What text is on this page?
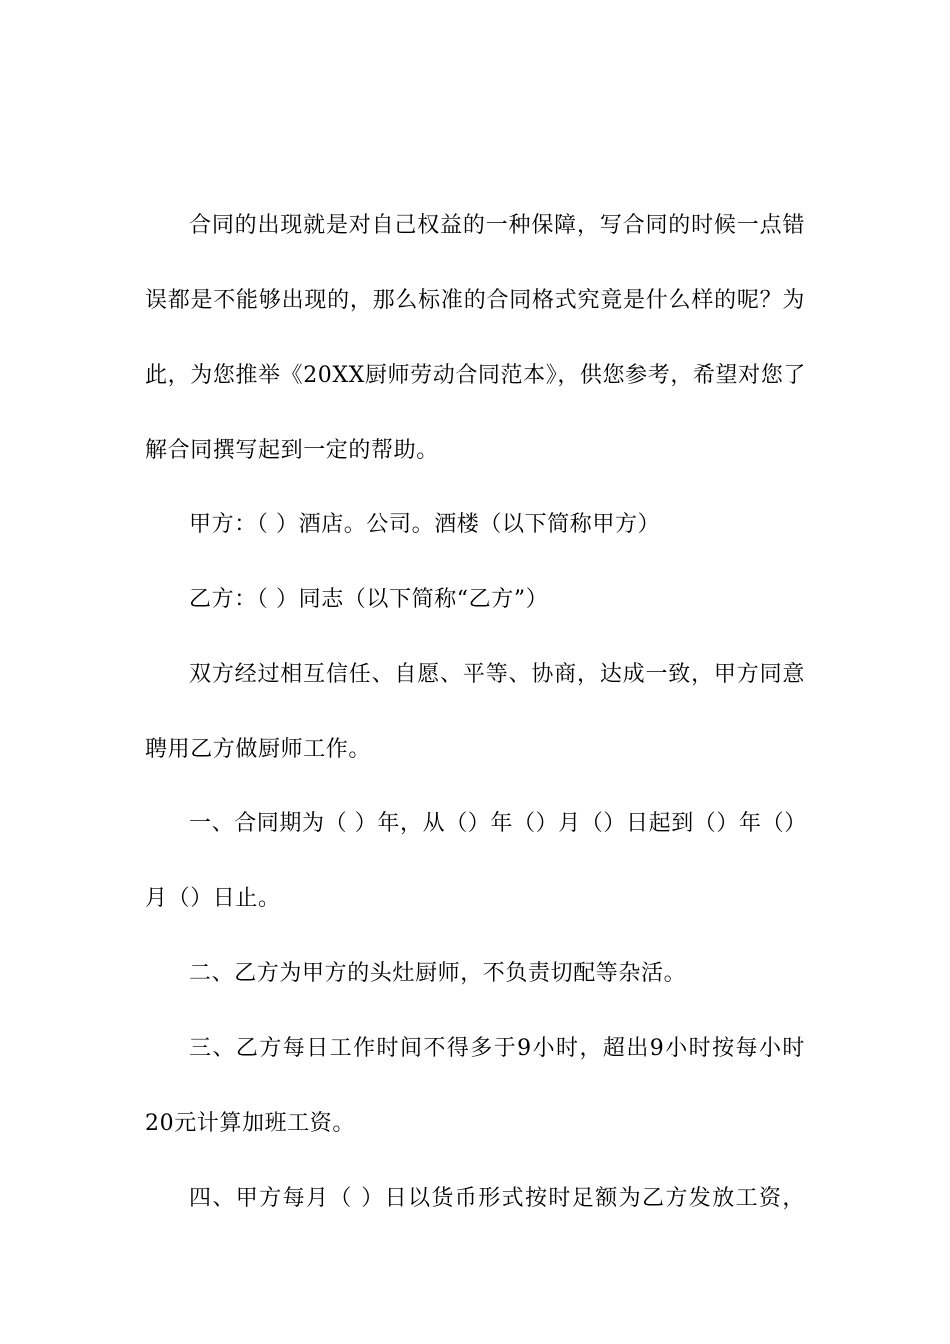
合同的出现就是对自己权益的一种保障，写合同的时候一点错
误都是不能够出现的，那么标准的合同格式究竟是什么样的呢？为
此，为您推举《20XX厨师劳动合同范本》，供您参考，希望对您了
解合同撰写起到一定的帮助。
甲方：（ ）酒店。公司。酒楼（以下简称甲方）
乙方：（ ）同志（以下简称“乙方”）
双方经过相互信任、自愿、平等、协商，达成一致，甲方同意
聘用乙方做厨师工作。
一、合同期为（ ）年，从（）年（）月（）日起到（）年（）
月（）日止。
二、乙方为甲方的头灶厨师，不负责切配等杂活。
三、乙方每日工作时间不得多于9小时，超出9小时按每小时
20元计算加班工资。
四、甲方每月（ ）日以货币形式按时足额为乙方发放工资，
